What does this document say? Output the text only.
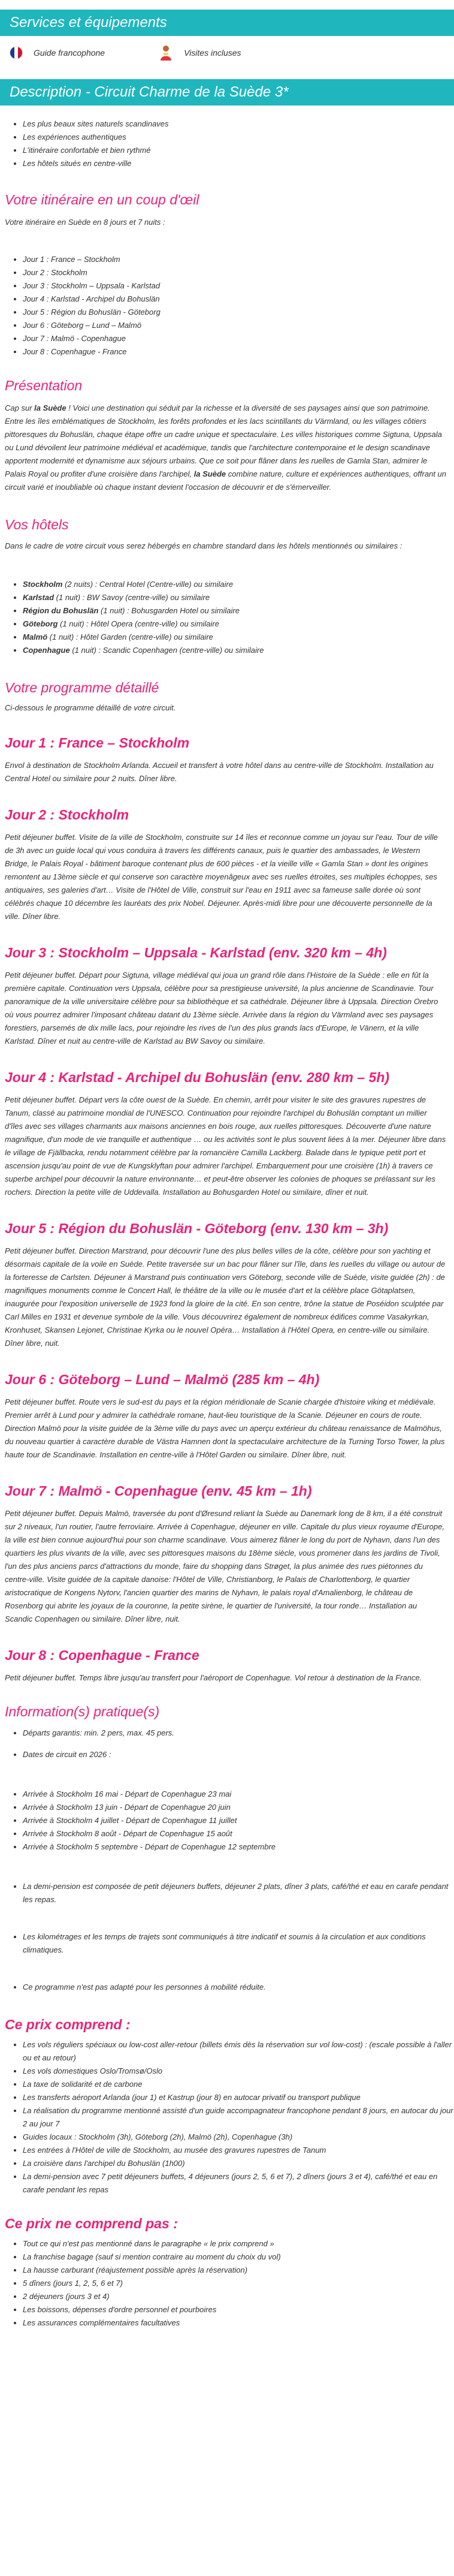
Services et équipements
Guide francophone	Visites incluses
Description - Circuit Charme de la Suède 3*
• Les plus beaux sites naturels scandinaves
• Les expériences authentiques
• L'itinéraire confortable et bien rythmé
• Les hôtels situés en centre-ville
Votre itinéraire en un coup d'œil
Votre itinéraire en Suède en 8 jours et 7 nuits :
• Jour 1 : France – Stockholm
• Jour 2 : Stockholm
• Jour 3 : Stockholm – Uppsala - Karlstad
• Jour 4 : Karlstad - Archipel du Bohuslän
• Jour 5 : Région du Bohuslän - Göteborg
• Jour 6 : Göteborg – Lund – Malmö
• Jour 7 : Malmö - Copenhague
• Jour 8 : Copenhague - France
Présentation
Cap sur la Suède ! Voici une destination qui séduit par la richesse et la diversité de ses paysages ainsi que son patrimoine. Entre les îles emblématiques de Stockholm, les forêts profondes et les lacs scintillants du Värmland, ou les villages côtiers pittoresques du Bohuslän, chaque étape offre un cadre unique et spectaculaire. Les villes historiques comme Sigtuna, Uppsala ou Lund dévoilent leur patrimoine médiéval et académique, tandis que l'architecture contemporaine et le design scandinave apportent modernité et dynamisme aux séjours urbains. Que ce soit pour flâner dans les ruelles de Gamla Stan, admirer le Palais Royal ou profiter d'une croisière dans l'archipel, la Suède combine nature, culture et expériences authentiques, offrant un circuit varié et inoubliable où chaque instant devient l'occasion de découvrir et de s'émerveiller.
Vos hôtels
Dans le cadre de votre circuit vous serez hébergés en chambre standard dans les hôtels mentionnés ou similaires :
• Stockholm (2 nuits) : Central Hotel (Centre-ville) ou similaire
• Karlstad (1 nuit) : BW Savoy (centre-ville) ou similaire
• Région du Bohuslän (1 nuit) : Bohusgarden Hotel ou similaire
• Göteborg (1 nuit) : Hôtel Opera (centre-ville) ou similaire
• Malmö (1 nuit) : Hôtel Garden (centre-ville) ou similaire
• Copenhague (1 nuit) : Scandic Copenhagen (centre-ville) ou similaire
Votre programme détaillé
Ci-dessous le programme détaillé de votre circuit.
Jour 1 : France – Stockholm

Envol à destination de Stockholm Arlanda. Accueil et transfert à votre hôtel dans au centre-ville de Stockholm. Installation au Central Hotel ou similaire pour 2 nuits. Dîner libre.

Jour 2 : Stockholm

Petit déjeuner buffet. Visite de la ville de Stockholm, construite sur 14 îles et reconnue comme un joyau sur l'eau. Tour de ville de 3h avec un guide local qui vous conduira à travers les différents canaux, puis le quartier des ambassades, le Western Bridge, le Palais Royal - bâtiment baroque contenant plus de 600 pièces - et la vieille ville « Gamla Stan » dont les origines remontent au 13ème siècle et qui conserve son caractère moyenâgeux avec ses ruelles étroites, ses multiples échoppes, ses antiquaires, ses galeries d'art… Visite de l'Hôtel de Ville, construit sur l'eau en 1911 avec sa fameuse salle dorée où sont célébrés chaque 10 décembre les lauréats des prix Nobel. Déjeuner. Après-midi libre pour une découverte personnelle de la ville. Dîner libre.

Jour 3 : Stockholm – Uppsala - Karlstad (env. 320 km – 4h)

Petit déjeuner buffet. Départ pour Sigtuna, village médiéval qui joua un grand rôle dans l'Histoire de la Suède : elle en fût la première capitale. Continuation vers Uppsala, célèbre pour sa prestigieuse université, la plus ancienne de Scandinavie. Tour panoramique de la ville universitaire célèbre pour sa bibliothèque et sa cathédrale. Déjeuner libre à Uppsala. Direction Orebro où vous pourrez admirer l'imposant château datant du 13ème siècle. Arrivée dans la région du Värmland avec ses paysages forestiers, parsemés de dix mille lacs, pour rejoindre les rives de l'un des plus grands lacs d'Europe, le Vänern, et la ville Karlstad. Dîner et nuit au centre-ville de Karlstad au BW Savoy ou similaire.

Jour 4 : Karlstad - Archipel du Bohuslän (env. 280 km – 5h)

Petit déjeuner buffet. Départ vers la côte ouest de la Suède. En chemin, arrêt pour visiter le site des gravures rupestres de Tanum, classé au patrimoine mondial de l'UNESCO. Continuation pour rejoindre l'archipel du Bohuslän comptant un millier d'îles avec ses villages charmants aux maisons anciennes en bois rouge, aux ruelles pittoresques. Découverte d'une nature magnifique, d'un mode de vie tranquille et authentique … ou les activités sont le plus souvent liées à la mer. Déjeuner libre dans le village de Fjällbacka, rendu notamment célèbre par la romancière Camilla Lackberg. Balade dans le typique petit port et ascension jusqu'au point de vue de Kungsklyftan pour admirer l'archipel. Embarquement pour une croisière (1h) à travers ce superbe archipel pour découvrir la nature environnante… et peut-être observer les colonies de phoques se prélassant sur les rochers. Direction la petite ville de Uddevalla. Installation au Bohusgarden Hotel ou similaire, dîner et nuit.

Jour 5 : Région du Bohuslän - Göteborg (env. 130 km – 3h)

Petit déjeuner buffet. Direction Marstrand, pour découvrir l'une des plus belles villes de la côte, célèbre pour son yachting et désormais capitale de la voile en Suède. Petite traversée sur un bac pour flâner sur l'île, dans les ruelles du village ou autour de la forteresse de Carlsten. Déjeuner à Marstrand puis continuation vers Göteborg, seconde ville de Suède, visite guidée (2h) : de magnifiques monuments comme le Concert Hall, le théâtre de la ville ou le musée d'art et la célèbre place Götaplatsen, inaugurée pour l'exposition universelle de 1923 fond la gloire de la cité. En son centre, trône la statue de Poséidon sculptée par Carl Milles en 1931 et devenue symbole de la ville. Vous découvrirez également de nombreux édifices comme Vasakyrkan, Kronhuset, Skansen Lejonet, Christinae Kyrka ou le nouvel Opéra… Installation à l'Hôtel Opera, en centre-ville ou similaire. Dîner libre, nuit.

Jour 6 : Göteborg – Lund – Malmö (285 km – 4h)

Petit déjeuner buffet. Route vers le sud-est du pays et la région méridionale de Scanie chargée d'histoire viking et médiévale. Premier arrêt à Lund pour y admirer la cathédrale romane, haut-lieu touristique de la Scanie. Déjeuner en cours de route. Direction Malmö pour la visite guidée de la 3ème ville du pays avec un aperçu extérieur du château renaissance de Malmöhus, du nouveau quartier à caractère durable de Västra Hamnen dont la spectaculaire architecture de la Turning Torso Tower, la plus haute tour de Scandinavie. Installation en centre-ville à l'Hôtel Garden ou similaire. Dîner libre, nuit.

Jour 7 : Malmö - Copenhague (env. 45 km – 1h)

Petit déjeuner buffet. Depuis Malmö, traversée du pont d'Øresund reliant la Suède au Danemark long de 8 km, il a été construit sur 2 niveaux, l'un routier, l'autre ferroviaire. Arrivée à Copenhague, déjeuner en ville. Capitale du plus vieux royaume d'Europe, la ville est bien connue aujourd'hui pour son charme scandinave. Vous aimerez flâner le long du port de Nyhavn, dans l'un des quartiers les plus vivants de la ville, avec ses pittoresques maisons du 18ème siècle, vous promener dans les jardins de Tivoli, l'un des plus anciens parcs d'attractions du monde, faire du shopping dans Strøget, la plus animée des rues piétonnes du centre-ville. Visite guidée de la capitale danoise: l'Hôtel de Ville, Christianborg, le Palais de Charlottenborg, le quartier aristocratique de Kongens Nytorv, l'ancien quartier des marins de Nyhavn, le palais royal d'Amalienborg, le château de Rosenborg qui abrite les joyaux de la couronne, la petite sirène, le quartier de l'université, la tour ronde… Installation au Scandic Copenhagen ou similaire. Dîner libre, nuit.

Jour 8 : Copenhague - France

Petit déjeuner buffet. Temps libre jusqu'au transfert pour l'aéroport de Copenhague. Vol retour à destination de la France.

Information(s) pratique(s)
• Départs garantis: min. 2 pers, max. 45 pers.
• Dates de circuit en 2026 :
• Arrivée à Stockholm 16 mai - Départ de Copenhague 23 mai
• Arrivée à Stockholm 13 juin - Départ de Copenhague 20 juin
• Arrivée à Stockholm 4 juillet - Départ de Copenhague 11 juillet
• Arrivée à Stockholm 8 août - Départ de Copenhague 15 août
• Arrivée à Stockholm 5 septembre - Départ de Copenhague 12 septembre
• La demi-pension est composée de petit déjeuners buffets, déjeuner 2 plats, dîner 3 plats, café/thé et eau en carafe pendant les repas.
• Les kilométrages et les temps de trajets sont communiqués à titre indicatif et soumis à la circulation et aux conditions climatiques.
• Ce programme n'est pas adapté pour les personnes à mobilité réduite.
Ce prix comprend :
• Les vols réguliers spéciaux ou low-cost aller-retour (billets émis dès la réservation sur vol low-cost) : (escale possible à l'aller ou et au retour)
• Les vols domestiques Oslo/Tromsø/Oslo
• La taxe de solidarité et de carbone
• Les transferts aéroport Arlanda (jour 1) et Kastrup (jour 8) en autocar privatif ou transport publique
• La réalisation du programme mentionné assisté d'un guide accompagnateur francophone pendant 8 jours, en autocar du jour 2 au jour 7
• Guides locaux : Stockholm (3h), Göteborg (2h), Malmö (2h), Copenhague (3h)
• Les entrées à l'Hôtel de ville de Stockholm, au musée des gravures rupestres de Tanum
• La croisière dans l'archipel du Bohuslän (1h00)
• La demi-pension avec 7 petit déjeuners buffets, 4 déjeuners (jours 2, 5, 6 et 7), 2 dîners (jours 3 et 4), café/thé et eau en carafe pendant les repas
Ce prix ne comprend pas :
• Tout ce qui n'est pas mentionné dans le paragraphe « le prix comprend »
• La franchise bagage (sauf si mention contraire au moment du choix du vol)
• La hausse carburant (réajustement possible après la réservation)
• 5 dîners (jours 1, 2, 5, 6 et 7)
• 2 déjeuners (jours 3 et 4)
• Les boissons, dépenses d'ordre personnel et pourboires
• Les assurances complémentaires facultatives
